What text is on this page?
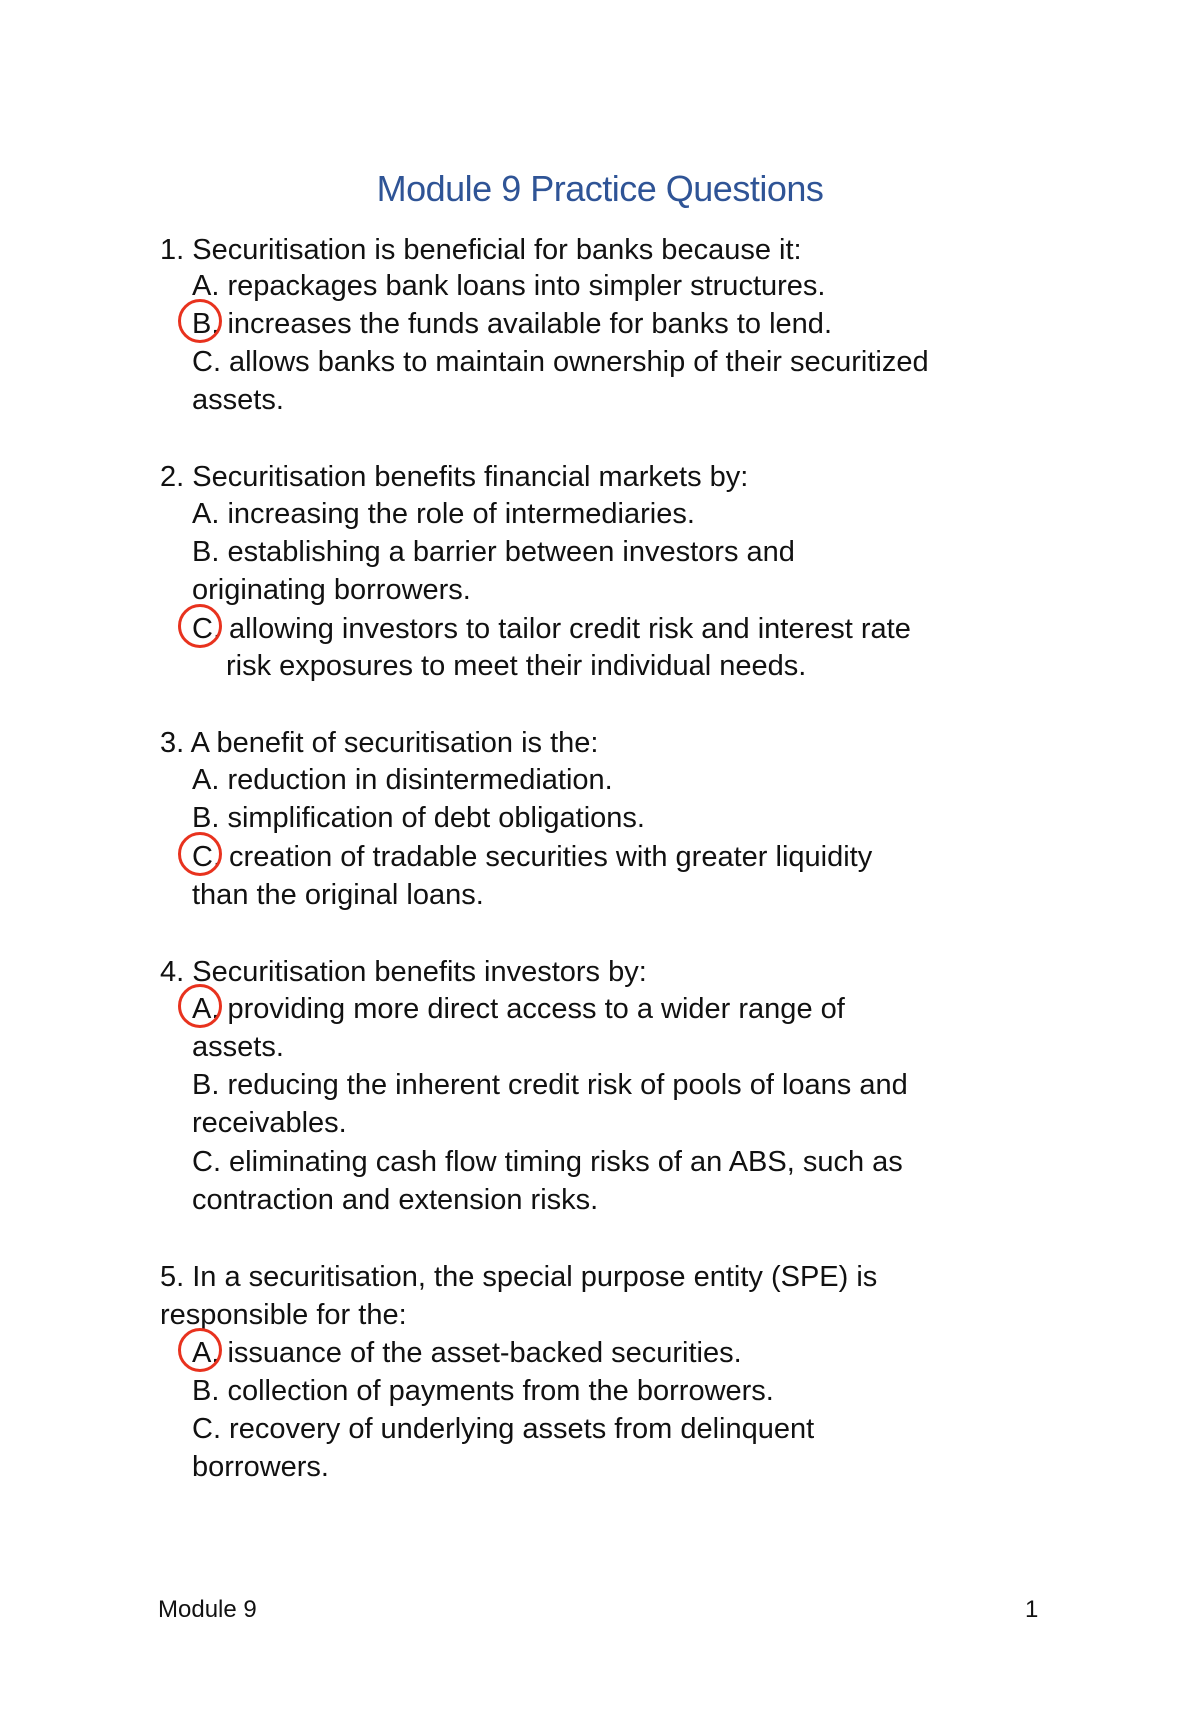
Module 9 Practice Questions
1. Securitisation is beneficial for banks because it:
A. repackages bank loans into simpler structures.
B. increases the funds available for banks to lend.
C. allows banks to maintain ownership of their securitized
assets.
2. Securitisation benefits financial markets by:
A. increasing the role of intermediaries.
B. establishing a barrier between investors and
originating borrowers.
C. allowing investors to tailor credit risk and interest rate
risk exposures to meet their individual needs.
3. A benefit of securitisation is the:
A. reduction in disintermediation.
B. simplification of debt obligations.
C. creation of tradable securities with greater liquidity
than the original loans.
4. Securitisation benefits investors by:
A. providing more direct access to a wider range of
assets.
B. reducing the inherent credit risk of pools of loans and
receivables.
C. eliminating cash flow timing risks of an ABS, such as
contraction and extension risks.
5. In a securitisation, the special purpose entity (SPE) is
responsible for the:
A. issuance of the asset-backed securities.
B. collection of payments from the borrowers.
C. recovery of underlying assets from delinquent
borrowers.
Module 9	1
